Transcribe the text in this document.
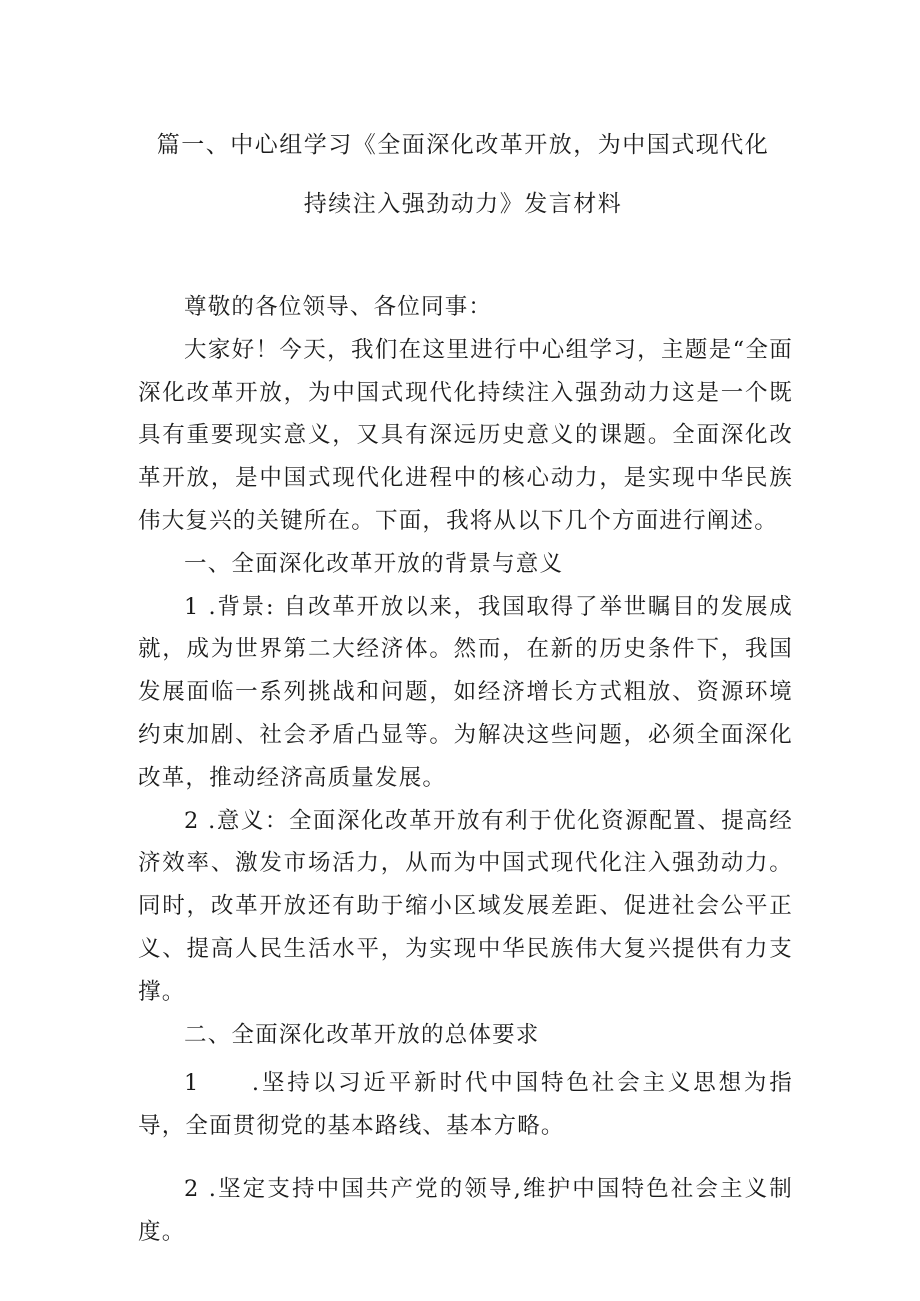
篇一、中心组学习《全面深化改革开放，为中国式现代化
持续注入强劲动力》发言材料

尊敬的各位领导、各位同事：

大家好！今天，我们在这里进行中心组学习，主题是“全面深化改革开放，为中国式现代化持续注入强劲动力这是一个既具有重要现实意义，又具有深远历史意义的课题。全面深化改革开放，是中国式现代化进程中的核心动力，是实现中华民族伟大复兴的关键所在。下面，我将从以下几个方面进行阐述。

一、全面深化改革开放的背景与意义

1 .背景: 自改革开放以来，我国取得了举世瞩目的发展成就，成为世界第二大经济体。然而，在新的历史条件下，我国发展面临一系列挑战和问题，如经济增长方式粗放、资源环境约束加剧、社会矛盾凸显等。为解决这些问题，必须全面深化改革，推动经济高质量发展。

2 .意义：全面深化改革开放有利于优化资源配置、提高经济效率、激发市场活力，从而为中国式现代化注入强劲动力。同时，改革开放还有助于缩小区域发展差距、促进社会公平正义、提高人民生活水平，为实现中华民族伟大复兴提供有力支撑。

二、全面深化改革开放的总体要求

1　　.坚持以习近平新时代中国特色社会主义思想为指导，全面贯彻党的基本路线、基本方略。

2 .坚定支持中国共产党的领导,维护中国特色社会主义制度。
